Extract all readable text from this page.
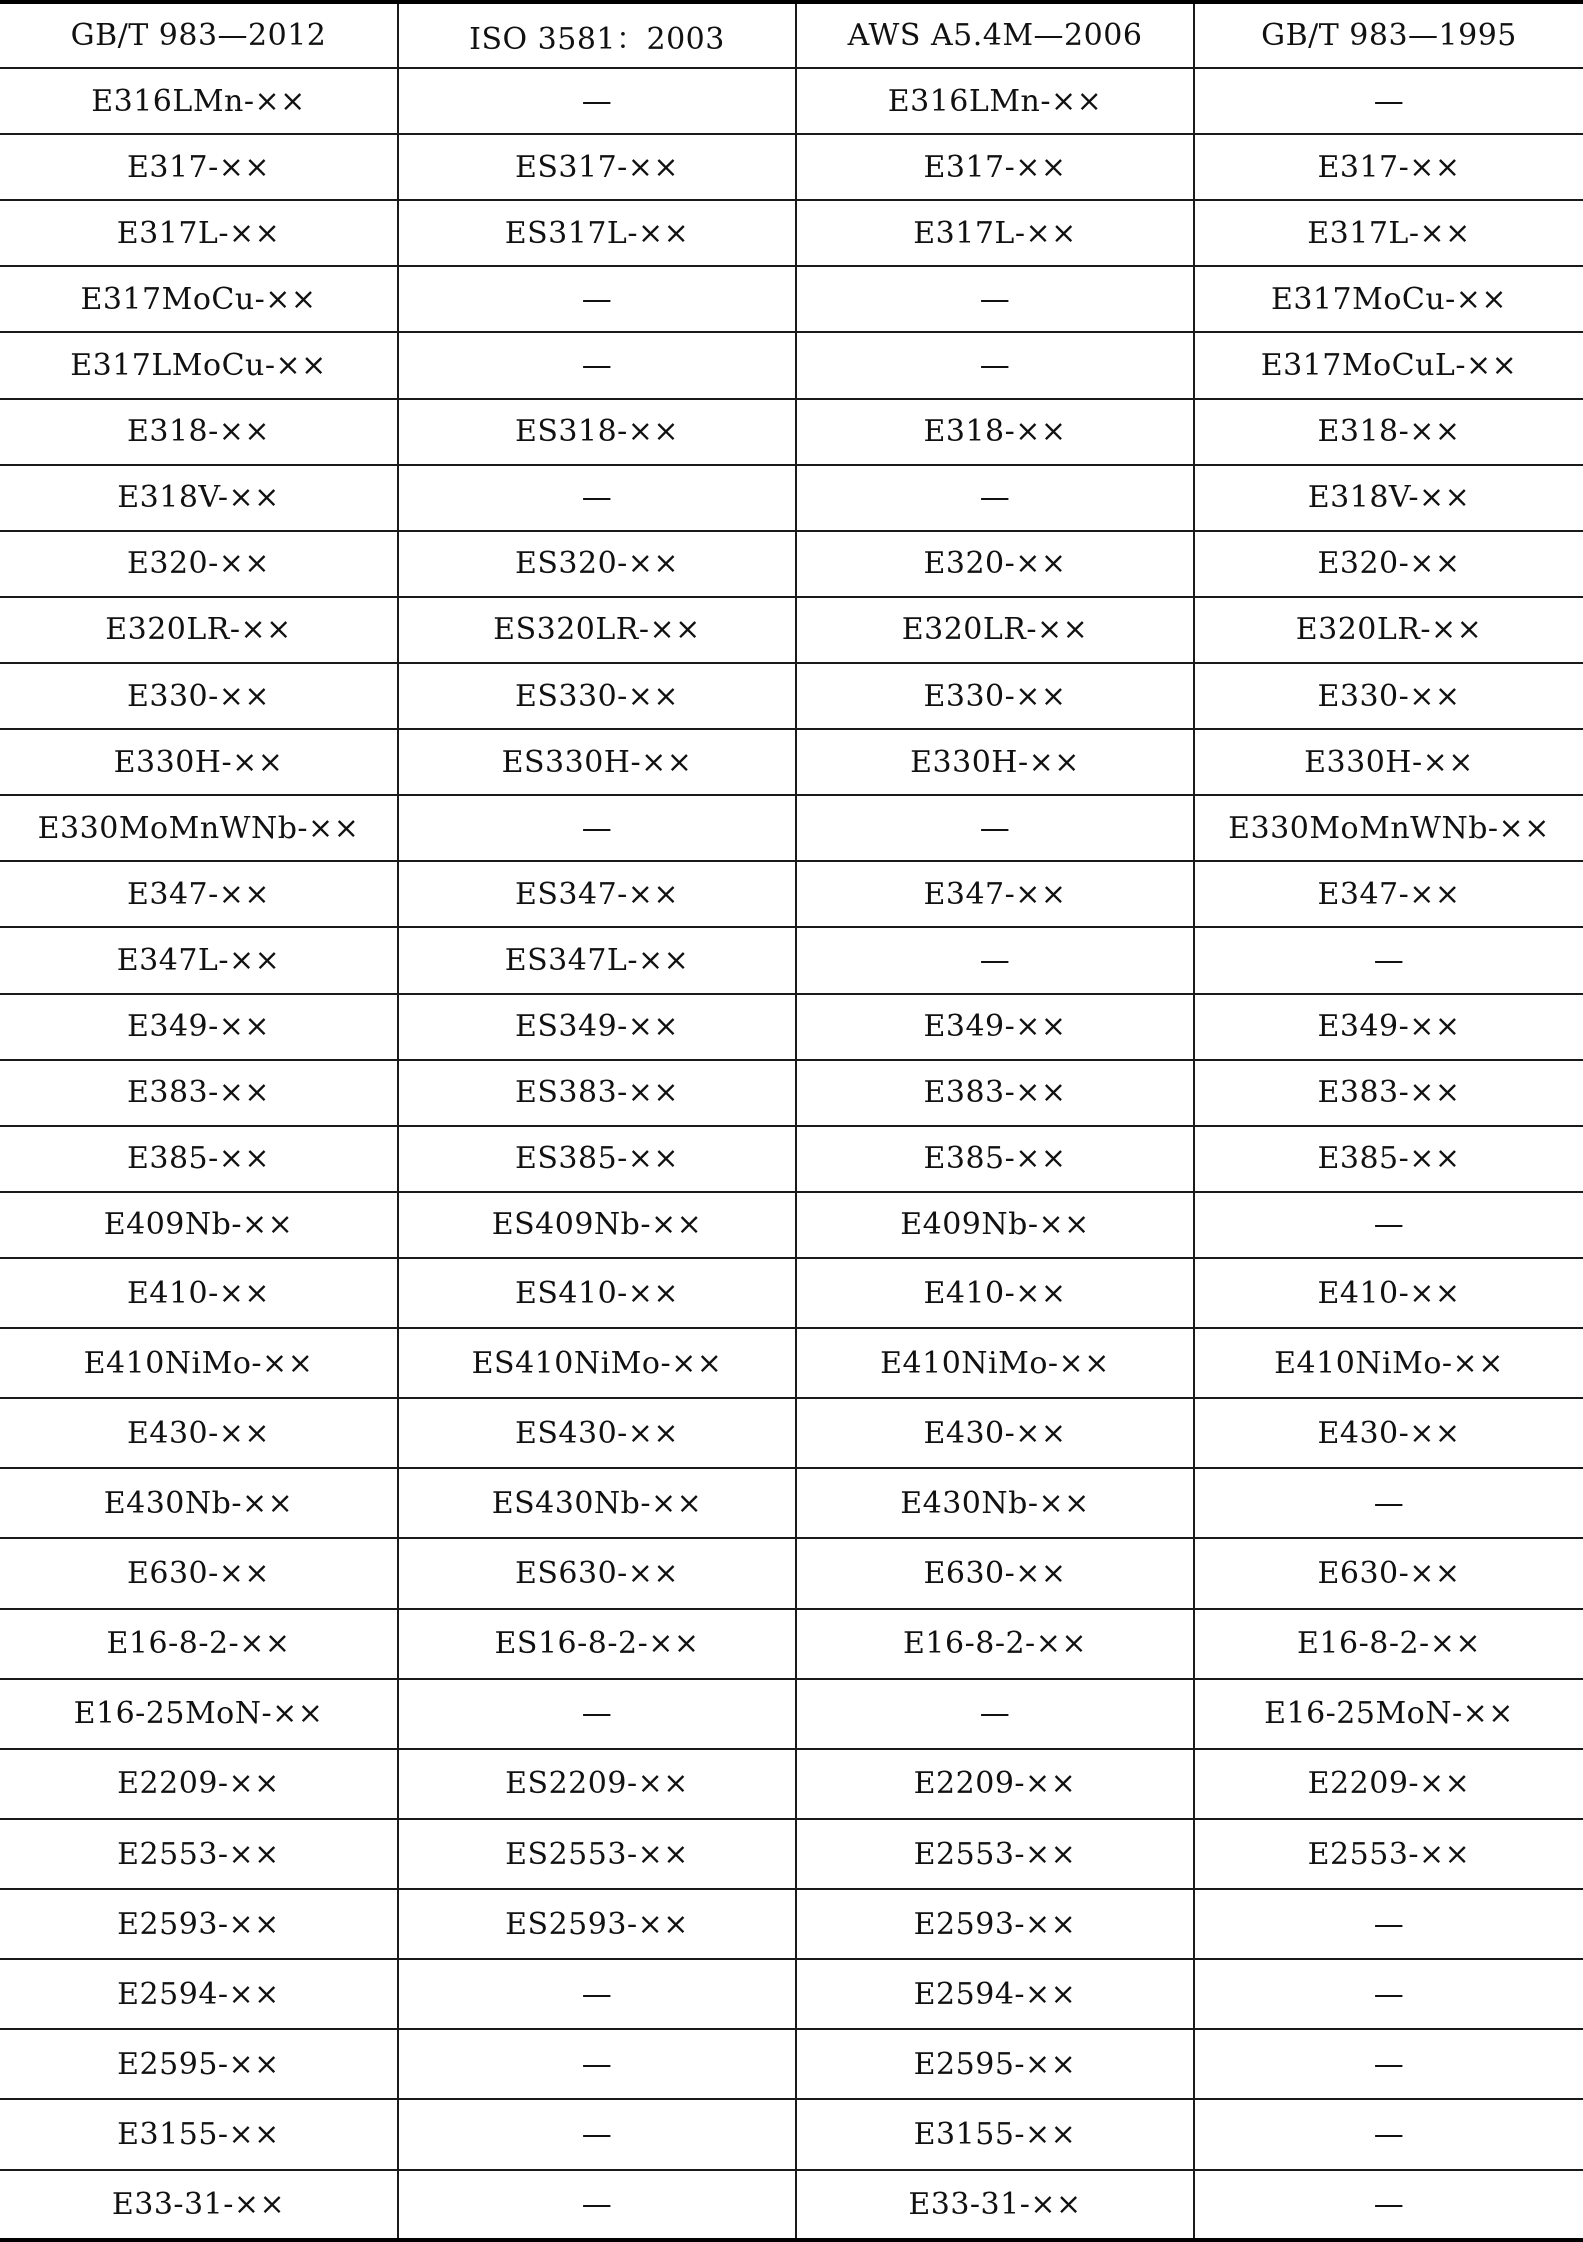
GB/T 983—2012	ISO 3581：2003	AWS A5.4M—2006	GB/T 983—1995
E316LMn-××	—	E316LMn-××	—
E317-××	ES317-××	E317-××	E317-××
E317L-××	ES317L-××	E317L-××	E317L-××
E317MoCu-××	—	—	E317MoCu-××
E317LMoCu-××	—	—	E317MoCuL-××
E318-××	ES318-××	E318-××	E318-××
E318V-××	—	—	E318V-××
E320-××	ES320-××	E320-××	E320-××
E320LR-××	ES320LR-××	E320LR-××	E320LR-××
E330-××	ES330-××	E330-××	E330-××
E330H-××	ES330H-××	E330H-××	E330H-××
E330MoMnWNb-××	—	—	E330MoMnWNb-××
E347-××	ES347-××	E347-××	E347-××
E347L-××	ES347L-××	—	—
E349-××	ES349-××	E349-××	E349-××
E383-××	ES383-××	E383-××	E383-××
E385-××	ES385-××	E385-××	E385-××
E409Nb-××	ES409Nb-××	E409Nb-××	—
E410-××	ES410-××	E410-××	E410-××
E410NiMo-××	ES410NiMo-××	E410NiMo-××	E410NiMo-××
E430-××	ES430-××	E430-××	E430-××
E430Nb-××	ES430Nb-××	E430Nb-××	—
E630-××	ES630-××	E630-××	E630-××
E16-8-2-××	ES16-8-2-××	E16-8-2-××	E16-8-2-××
E16-25MoN-××	—	—	E16-25MoN-××
E2209-××	ES2209-××	E2209-××	E2209-××
E2553-××	ES2553-××	E2553-××	E2553-××
E2593-××	ES2593-××	E2593-××	—
E2594-××	—	E2594-××	—
E2595-××	—	E2595-××	—
E3155-××	—	E3155-××	—
E33-31-××	—	E33-31-××	—
